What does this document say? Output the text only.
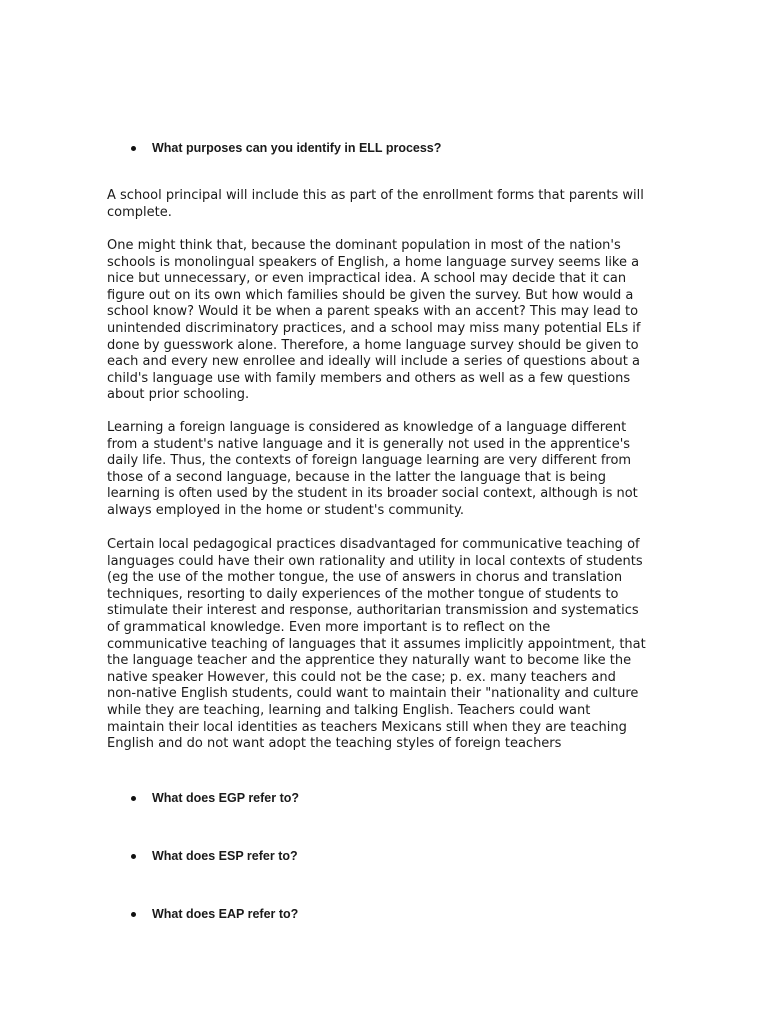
What purposes can you identify in ELL process?
A school principal will include this as part of the enrollment forms that parents will
complete.
One might think that, because the dominant population in most of the nation's
schools is monolingual speakers of English, a home language survey seems like a
nice but unnecessary, or even impractical idea. A school may decide that it can
figure out on its own which families should be given the survey. But how would a
school know? Would it be when a parent speaks with an accent? This may lead to
unintended discriminatory practices, and a school may miss many potential ELs if
done by guesswork alone. Therefore, a home language survey should be given to
each and every new enrollee and ideally will include a series of questions about a
child's language use with family members and others as well as a few questions
about prior schooling.
Learning a foreign language is considered as knowledge of a language different
from a student's native language and it is generally not used in the apprentice's
daily life. Thus, the contexts of foreign language learning are very different from
those of a second language, because in the latter the language that is being
learning is often used by the student in its broader social context, although is not
always employed in the home or student's community.
Certain local pedagogical practices disadvantaged for communicative teaching of
languages could have their own rationality and utility in local contexts of students
(eg the use of the mother tongue, the use of answers in chorus and translation
techniques, resorting to daily experiences of the mother tongue of students to
stimulate their interest and response, authoritarian transmission and systematics
of grammatical knowledge. Even more important is to reflect on the
communicative teaching of languages that it assumes implicitly appointment, that
the language teacher and the apprentice they naturally want to become like the
native speaker However, this could not be the case; p. ex. many teachers and
non-native English students, could want to maintain their "nationality and culture
while they are teaching, learning and talking English. Teachers could want
maintain their local identities as teachers Mexicans still when they are teaching
English and do not want adopt the teaching styles of foreign teachers
What does EGP refer to?
What does ESP refer to?
What does EAP refer to?
